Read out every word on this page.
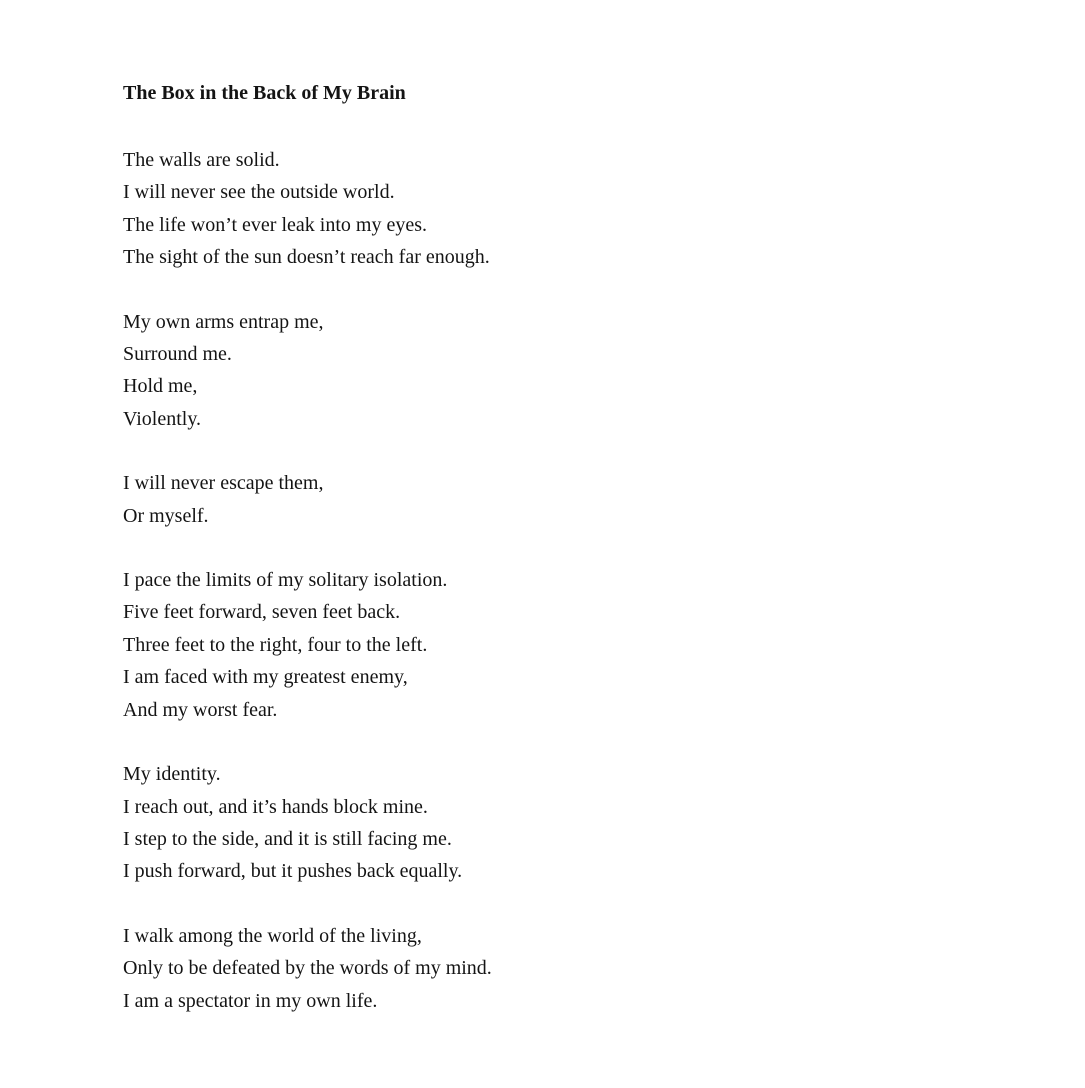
The Box in the Back of My Brain
The walls are solid.
I will never see the outside world.
The life won’t ever leak into my eyes.
The sight of the sun doesn’t reach far enough.
My own arms entrap me,
Surround me.
Hold me,
Violently.
I will never escape them,
Or myself.
I pace the limits of my solitary isolation.
Five feet forward, seven feet back.
Three feet to the right, four to the left.
I am faced with my greatest enemy,
And my worst fear.
My identity.
I reach out, and it’s hands block mine.
I step to the side, and it is still facing me.
I push forward, but it pushes back equally.
I walk among the world of the living,
Only to be defeated by the words of my mind.
I am a spectator in my own life.
